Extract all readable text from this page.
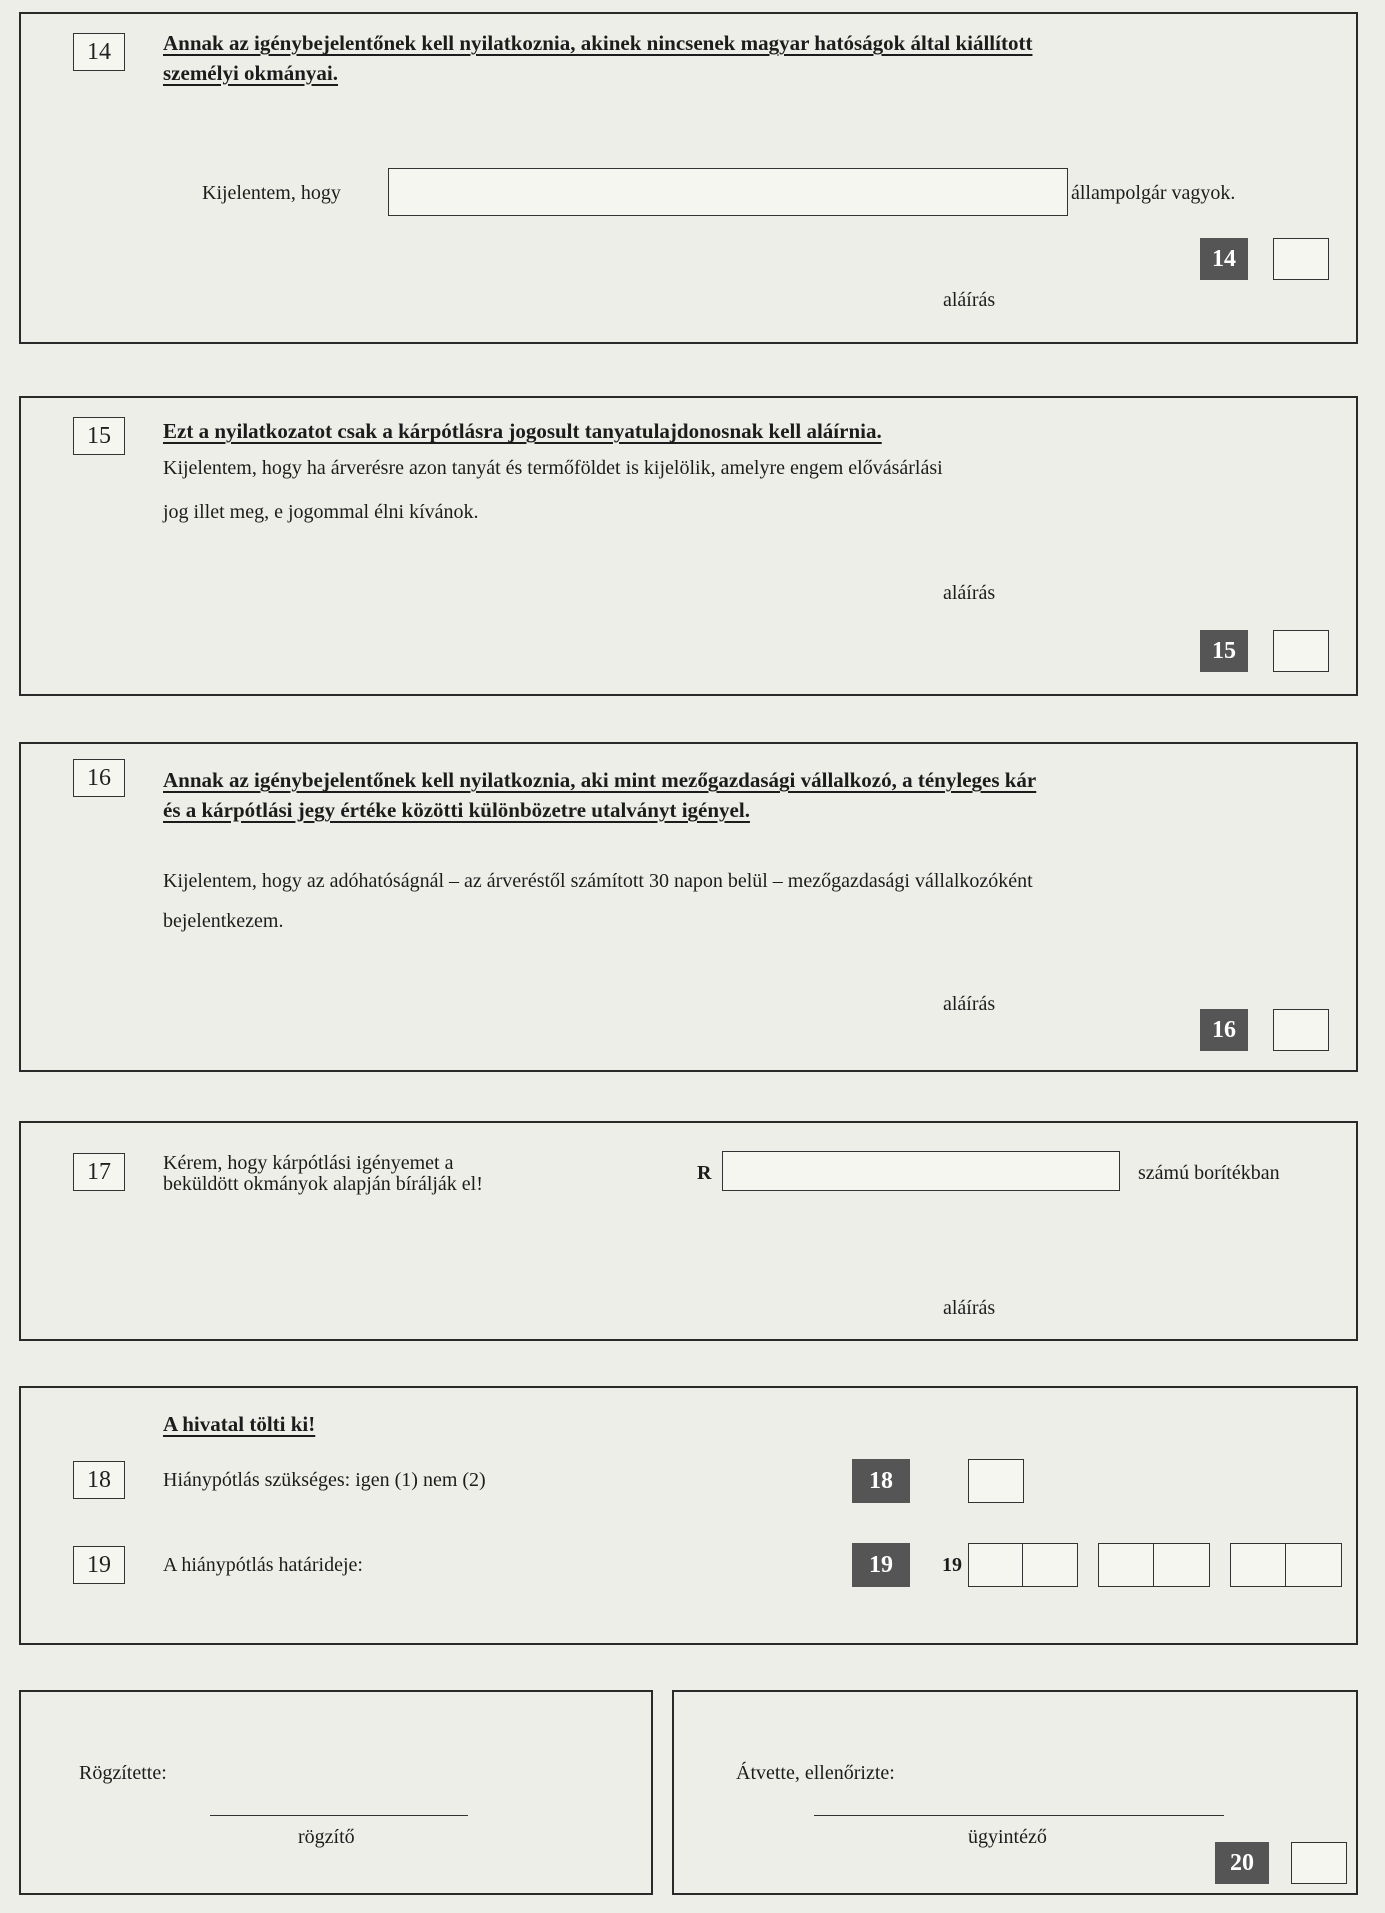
14	Annak az igénybejelentőnek kell nyilatkoznia, akinek nincsenek magyar hatóságok által kiállított
személyi okmányai.
Kijelentem, hogy	állampolgár vagyok.
14
aláírás
15	Ezt a nyilatkozatot csak a kárpótlásra jogosult tanyatulajdonosnak kell aláírnia.
Kijelentem, hogy ha árverésre azon tanyát és termőföldet is kijelölik, amelyre engem elővásárlási
jog illet meg, e jogommal élni kívánok.
aláírás
15
16	Annak az igénybejelentőnek kell nyilatkoznia, aki mint mezőgazdasági vállalkozó, a tényleges kár
és a kárpótlási jegy értéke közötti különbözetre utalványt igényel.
Kijelentem, hogy az adóhatóságnál – az árveréstől számított 30 napon belül – mezőgazdasági vállalkozóként
bejelentkezem.
aláírás
16
17	Kérem, hogy kárpótlási igényemet a
beküldött okmányok alapján bírálják el!	R	számú borítékban
aláírás
A hivatal tölti ki!
18	Hiánypótlás szükséges: igen (1) nem (2)	18
19	A hiánypótlás határideje:	19	19
Rögzítette:
rögzítő
Átvette, ellenőrizte:
ügyintéző
20
